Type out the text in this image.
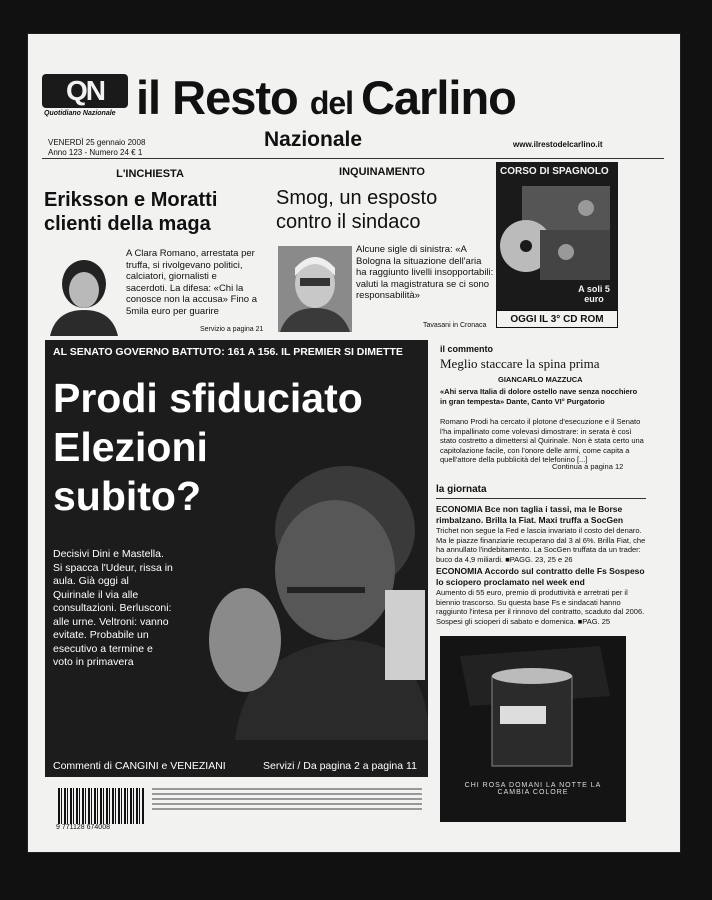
QN
Quotidiano Nazionale il Resto del Carlino
Nazionale
VENERDÌ 25 gennaio 2008
Anno 123 - Numero 24 € 1
www.ilrestodelcarlino.it
L'INCHIESTA
Eriksson e Moratti clienti della maga
A Clara Romano, arrestata per truffa, si rivolgevano politici, calciatori, giornalisti e sacerdoti. La difesa: «Chi la conosce non la accusa» Fino a 5mila euro per guarire
Servizio a pagina 21
INQUINAMENTO
Smog, un esposto contro il sindaco
Alcune sigle di sinistra: «A Bologna la situazione dell'aria ha raggiunto livelli insopportabili: valuti la magistratura se ci sono responsabilità»
Tavasani in Cronaca
CORSO DI SPAGNOLO
A soli 5 euro
OGGI IL 3° CD ROM
AL SENATO GOVERNO BATTUTO: 161 A 156. IL PREMIER SI DIMETTE
Prodi sfiduciato
Elezioni
subito?
Decisivi Dini e Mastella. Si spacca l'Udeur, rissa in aula. Già oggi al Quirinale il via alle consultazioni. Berlusconi: alle urne. Veltroni: vanno evitate. Probabile un esecutivo a termine e voto in primavera
Commenti di CANGINI e VENEZIANI	Servizi / Da pagina 2 a pagina 11
il commento
Meglio staccare la spina prima
GIANCARLO MAZZUCA
«Ahi serva Italia di dolore ostello nave senza nocchiero in gran tempesta» Dante, Canto VI° Purgatorio
Romano Prodi ha cercato il plotone d'esecuzione e il Senato l'ha impallinato come volevasi dimostrare: in serata è così stato costretto a dimettersi al Quirinale. Non è stata certo una capitolazione facile, con l'onore delle armi, come capita a quell'attore della pubblicità del telefonino [...]
Continua a pagina 12
la giornata
ECONOMIA Bce non taglia i tassi, ma le Borse rimbalzano. Brilla la Fiat. Maxi truffa a SocGen
Trichet non segue la Fed e lascia invariato il costo del denaro. Ma le piazze finanziarie recuperano dal 3 al 6%. Brilla Fiat, che ha annullato l'indebitamento. La SocGen truffata da un trader: buco da 4,9 miliardi. ■PAGG. 23, 25 e 26
ECONOMIA Accordo sul contratto delle Fs Sospeso lo sciopero proclamato nel week end
Aumento di 55 euro, premio di produttività e arretrati per il biennio trascorso. Su questa base Fs e sindacati hanno raggiunto l'intesa per il rinnovo del contratto, scaduto dal 2006. Sospesi gli scioperi di sabato e domenica. ■PAG. 25
CHI ROSA DOMANI LA NOTTE LA CAMBIA COLORE
9 771128 674008
